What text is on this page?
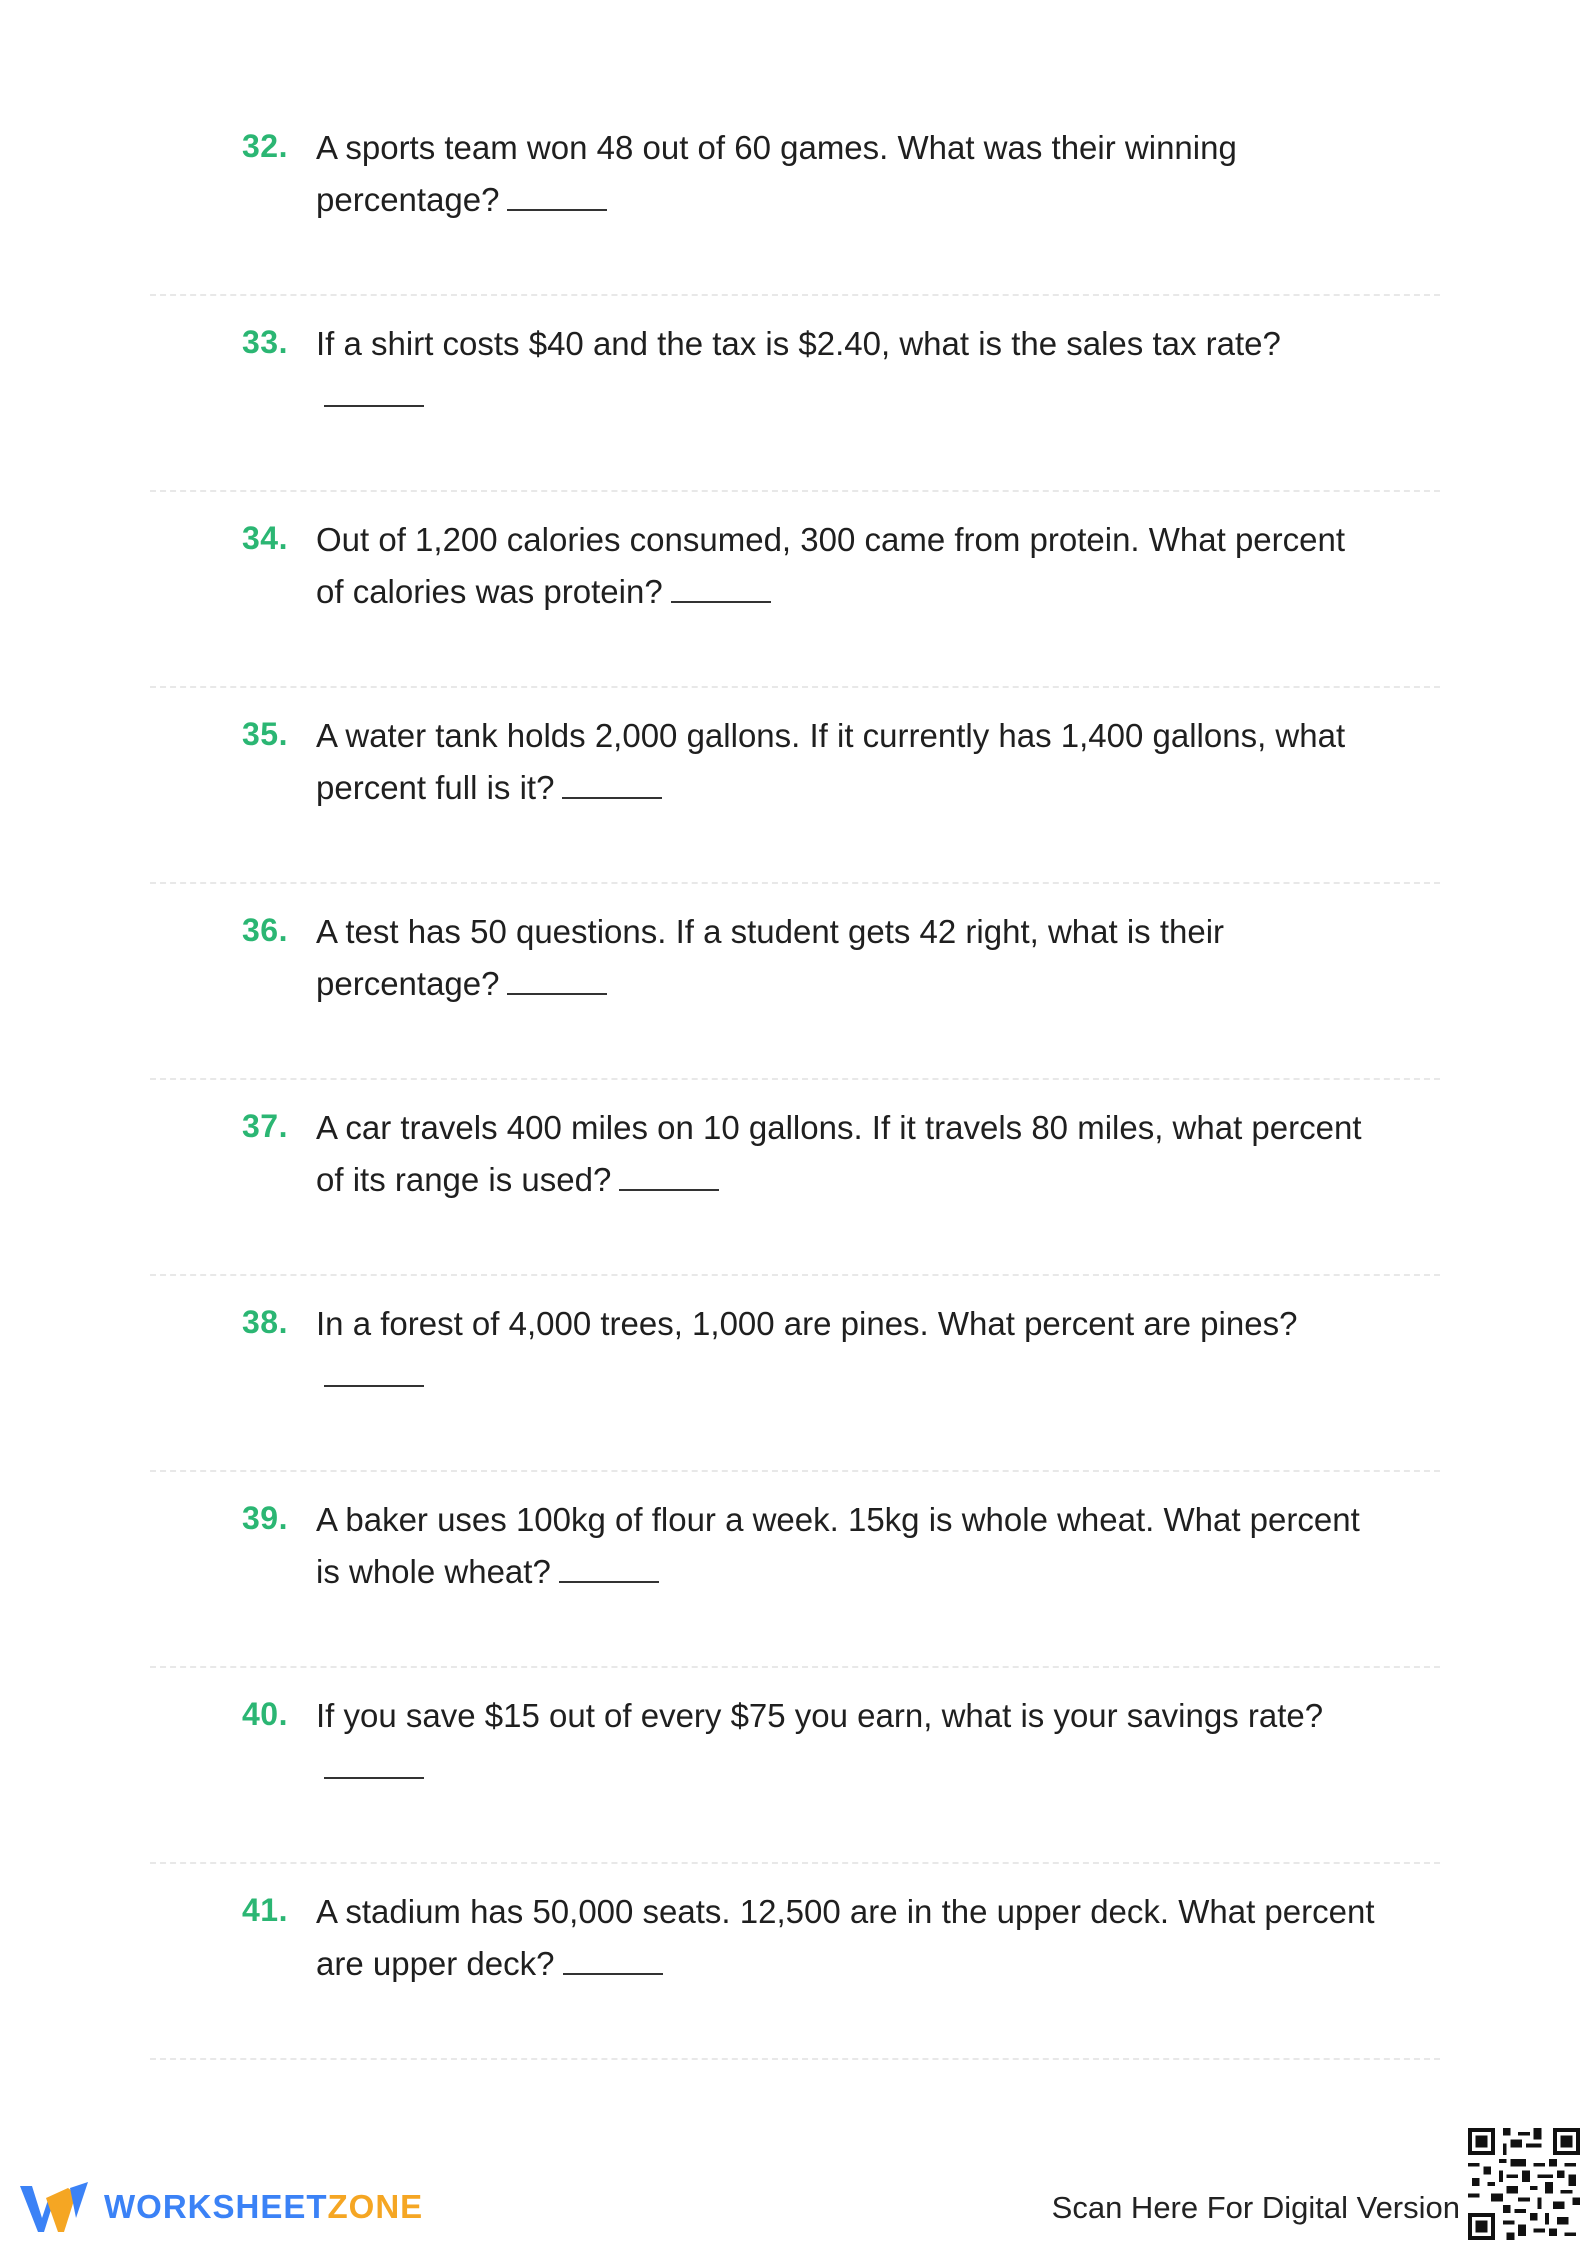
32. A sports team won 48 out of 60 games. What was their winning percentage?
33. If a shirt costs $40 and the tax is $2.40, what is the sales tax rate?
34. Out of 1,200 calories consumed, 300 came from protein. What percent of calories was protein?
35. A water tank holds 2,000 gallons. If it currently has 1,400 gallons, what percent full is it?
36. A test has 50 questions. If a student gets 42 right, what is their percentage?
37. A car travels 400 miles on 10 gallons. If it travels 80 miles, what percent of its range is used?
38. In a forest of 4,000 trees, 1,000 are pines. What percent are pines?
39. A baker uses 100kg of flour a week. 15kg is whole wheat. What percent is whole wheat?
40. If you save $15 out of every $75 you earn, what is your savings rate?
41. A stadium has 50,000 seats. 12,500 are in the upper deck. What percent are upper deck?
WORKSHEETZONE	Scan Here For Digital Version
